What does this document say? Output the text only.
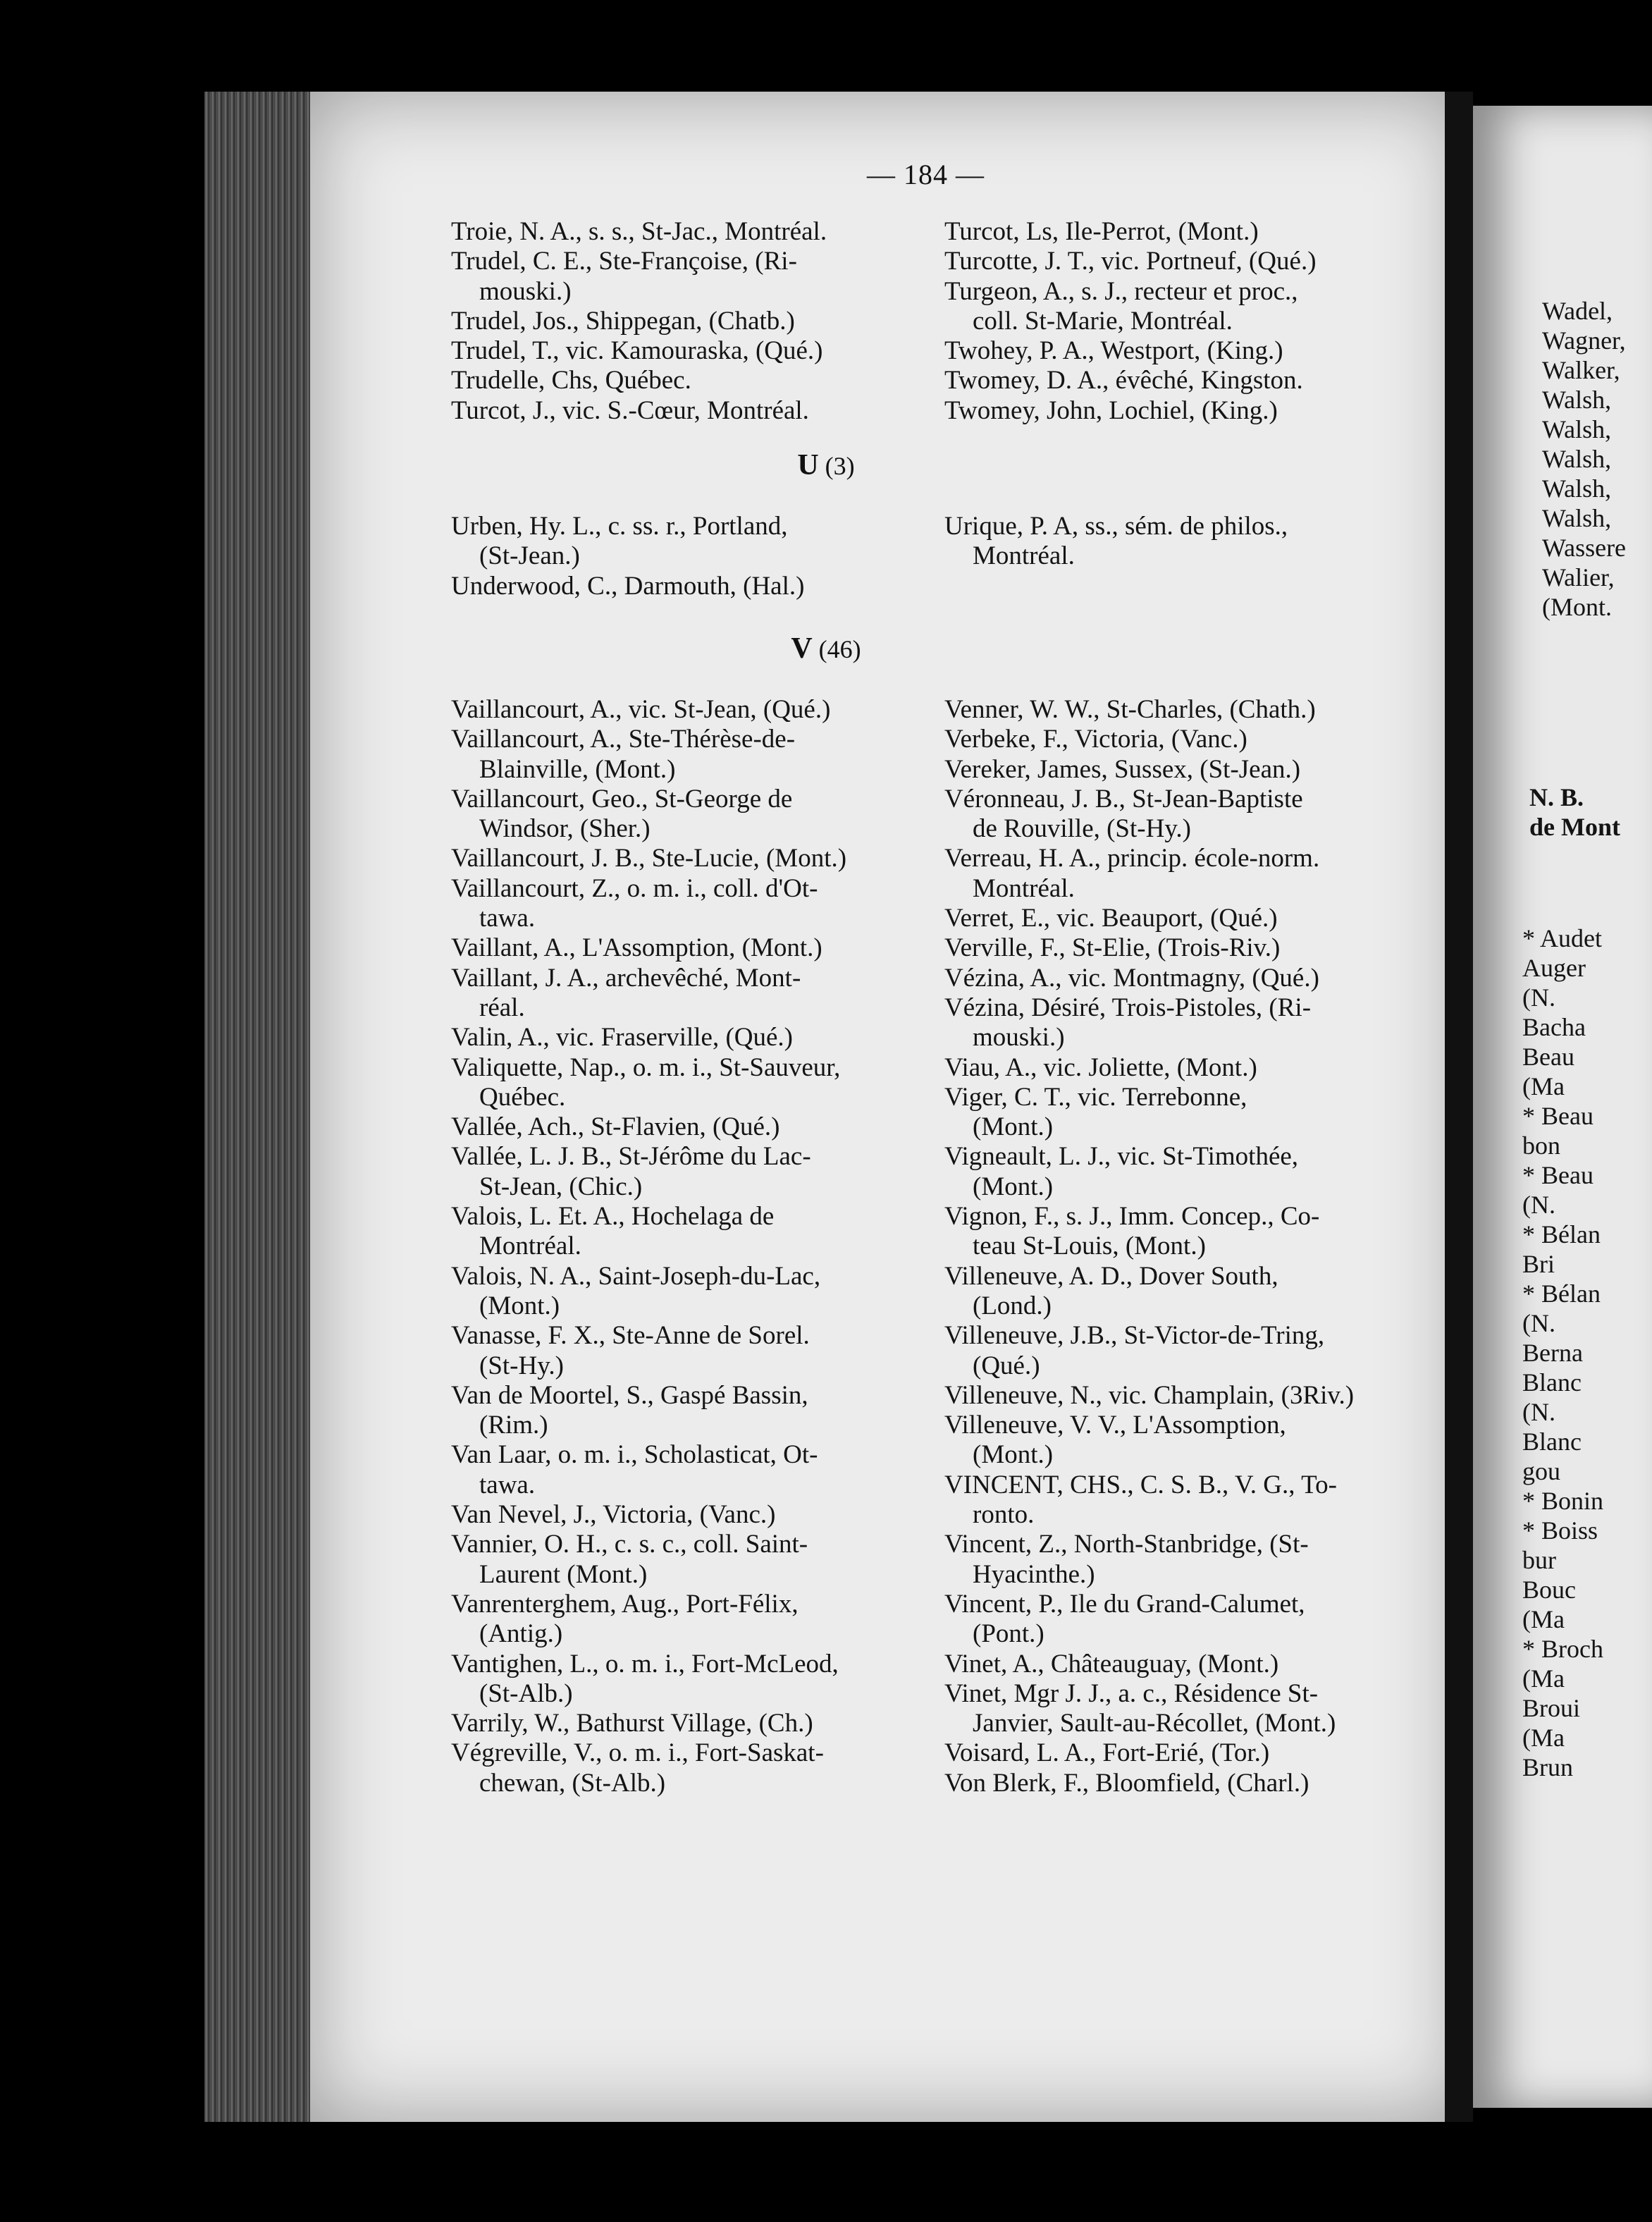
— 184 —
Troie, N. A., s. s., St-Jac., Montréal.
Trudel, C. E., Ste-Françoise, (Ri-
mouski.)
Trudel, Jos., Shippegan, (Chatb.)
Trudel, T., vic. Kamouraska, (Qué.)
Trudelle, Chs, Québec.
Turcot, J., vic. S.-Cœur, Montréal.
Turcot, Ls, Ile-Perrot, (Mont.)
Turcotte, J. T., vic. Portneuf, (Qué.)
Turgeon, A., s. J., recteur et proc.,
coll. St-Marie, Montréal.
Twohey, P. A., Westport, (King.)
Twomey, D. A., évêché, Kingston.
Twomey, John, Lochiel, (King.)
U (3)
Urben, Hy. L., c. ss. r., Portland,
(St-Jean.)
Underwood, C., Darmouth, (Hal.)
Urique, P. A, ss., sém. de philos.,
Montréal.
V (46)
Vaillancourt, A., vic. St-Jean, (Qué.)
Vaillancourt, A., Ste-Thérèse-de-
Blainville, (Mont.)
Vaillancourt, Geo., St-George de
Windsor, (Sher.)
Vaillancourt, J. B., Ste-Lucie, (Mont.)
Vaillancourt, Z., o. m. i., coll. d'Ot-
tawa.
Vaillant, A., L'Assomption, (Mont.)
Vaillant, J. A., archevêché, Mont-
réal.
Valin, A., vic. Fraserville, (Qué.)
Valiquette, Nap., o. m. i., St-Sauveur,
Québec.
Vallée, Ach., St-Flavien, (Qué.)
Vallée, L. J. B., St-Jérôme du Lac-
St-Jean, (Chic.)
Valois, L. Et. A., Hochelaga de
Montréal.
Valois, N. A., Saint-Joseph-du-Lac,
(Mont.)
Vanasse, F. X., Ste-Anne de Sorel.
(St-Hy.)
Van de Moortel, S., Gaspé Bassin,
(Rim.)
Van Laar, o. m. i., Scholasticat, Ot-
tawa.
Van Nevel, J., Victoria, (Vanc.)
Vannier, O. H., c. s. c., coll. Saint-
Laurent (Mont.)
Vanrenterghem, Aug., Port-Félix,
(Antig.)
Vantighen, L., o. m. i., Fort-McLeod,
(St-Alb.)
Varrily, W., Bathurst Village, (Ch.)
Végreville, V., o. m. i., Fort-Saskat-
chewan, (St-Alb.)
Venner, W. W., St-Charles, (Chath.)
Verbeke, F., Victoria, (Vanc.)
Vereker, James, Sussex, (St-Jean.)
Véronneau, J. B., St-Jean-Baptiste
de Rouville, (St-Hy.)
Verreau, H. A., princip. école-norm.
Montréal.
Verret, E., vic. Beauport, (Qué.)
Verville, F., St-Elie, (Trois-Riv.)
Vézina, A., vic. Montmagny, (Qué.)
Vézina, Désiré, Trois-Pistoles, (Ri-
mouski.)
Viau, A., vic. Joliette, (Mont.)
Viger, C. T., vic. Terrebonne,
(Mont.)
Vigneault, L. J., vic. St-Timothée,
(Mont.)
Vignon, F., s. J., Imm. Concep., Co-
teau St-Louis, (Mont.)
Villeneuve, A. D., Dover South,
(Lond.)
Villeneuve, J.B., St-Victor-de-Tring,
(Qué.)
Villeneuve, N., vic. Champlain, (3Riv.)
Villeneuve, V. V., L'Assomption,
(Mont.)
VINCENT, CHS., C. S. B., V. G., To-
ronto.
Vincent, Z., North-Stanbridge, (St-
Hyacinthe.)
Vincent, P., Ile du Grand-Calumet,
(Pont.)
Vinet, A., Châteauguay, (Mont.)
Vinet, Mgr J. J., a. c., Résidence St-
Janvier, Sault-au-Récollet, (Mont.)
Voisard, L. A., Fort-Erié, (Tor.)
Von Blerk, F., Bloomfield, (Charl.)
Wadel,
Wagner,
Walker,
Walsh,
Walsh,
Walsh,
Walsh,
Walsh,
Wassere
Walier,
(Mont.
N. B.
de Mont
* Audet
Auger
(N.
Bacha
Beau
(Ma
* Beau
bon
* Beau
(N.
* Bélan
Bri
* Bélan
(N.
Berna
Blanc
(N.
Blanc
gou
* Bonin
* Boiss
bur
Bouc
(Ma
* Broch
(Ma
Broui
(Ma
Brun
